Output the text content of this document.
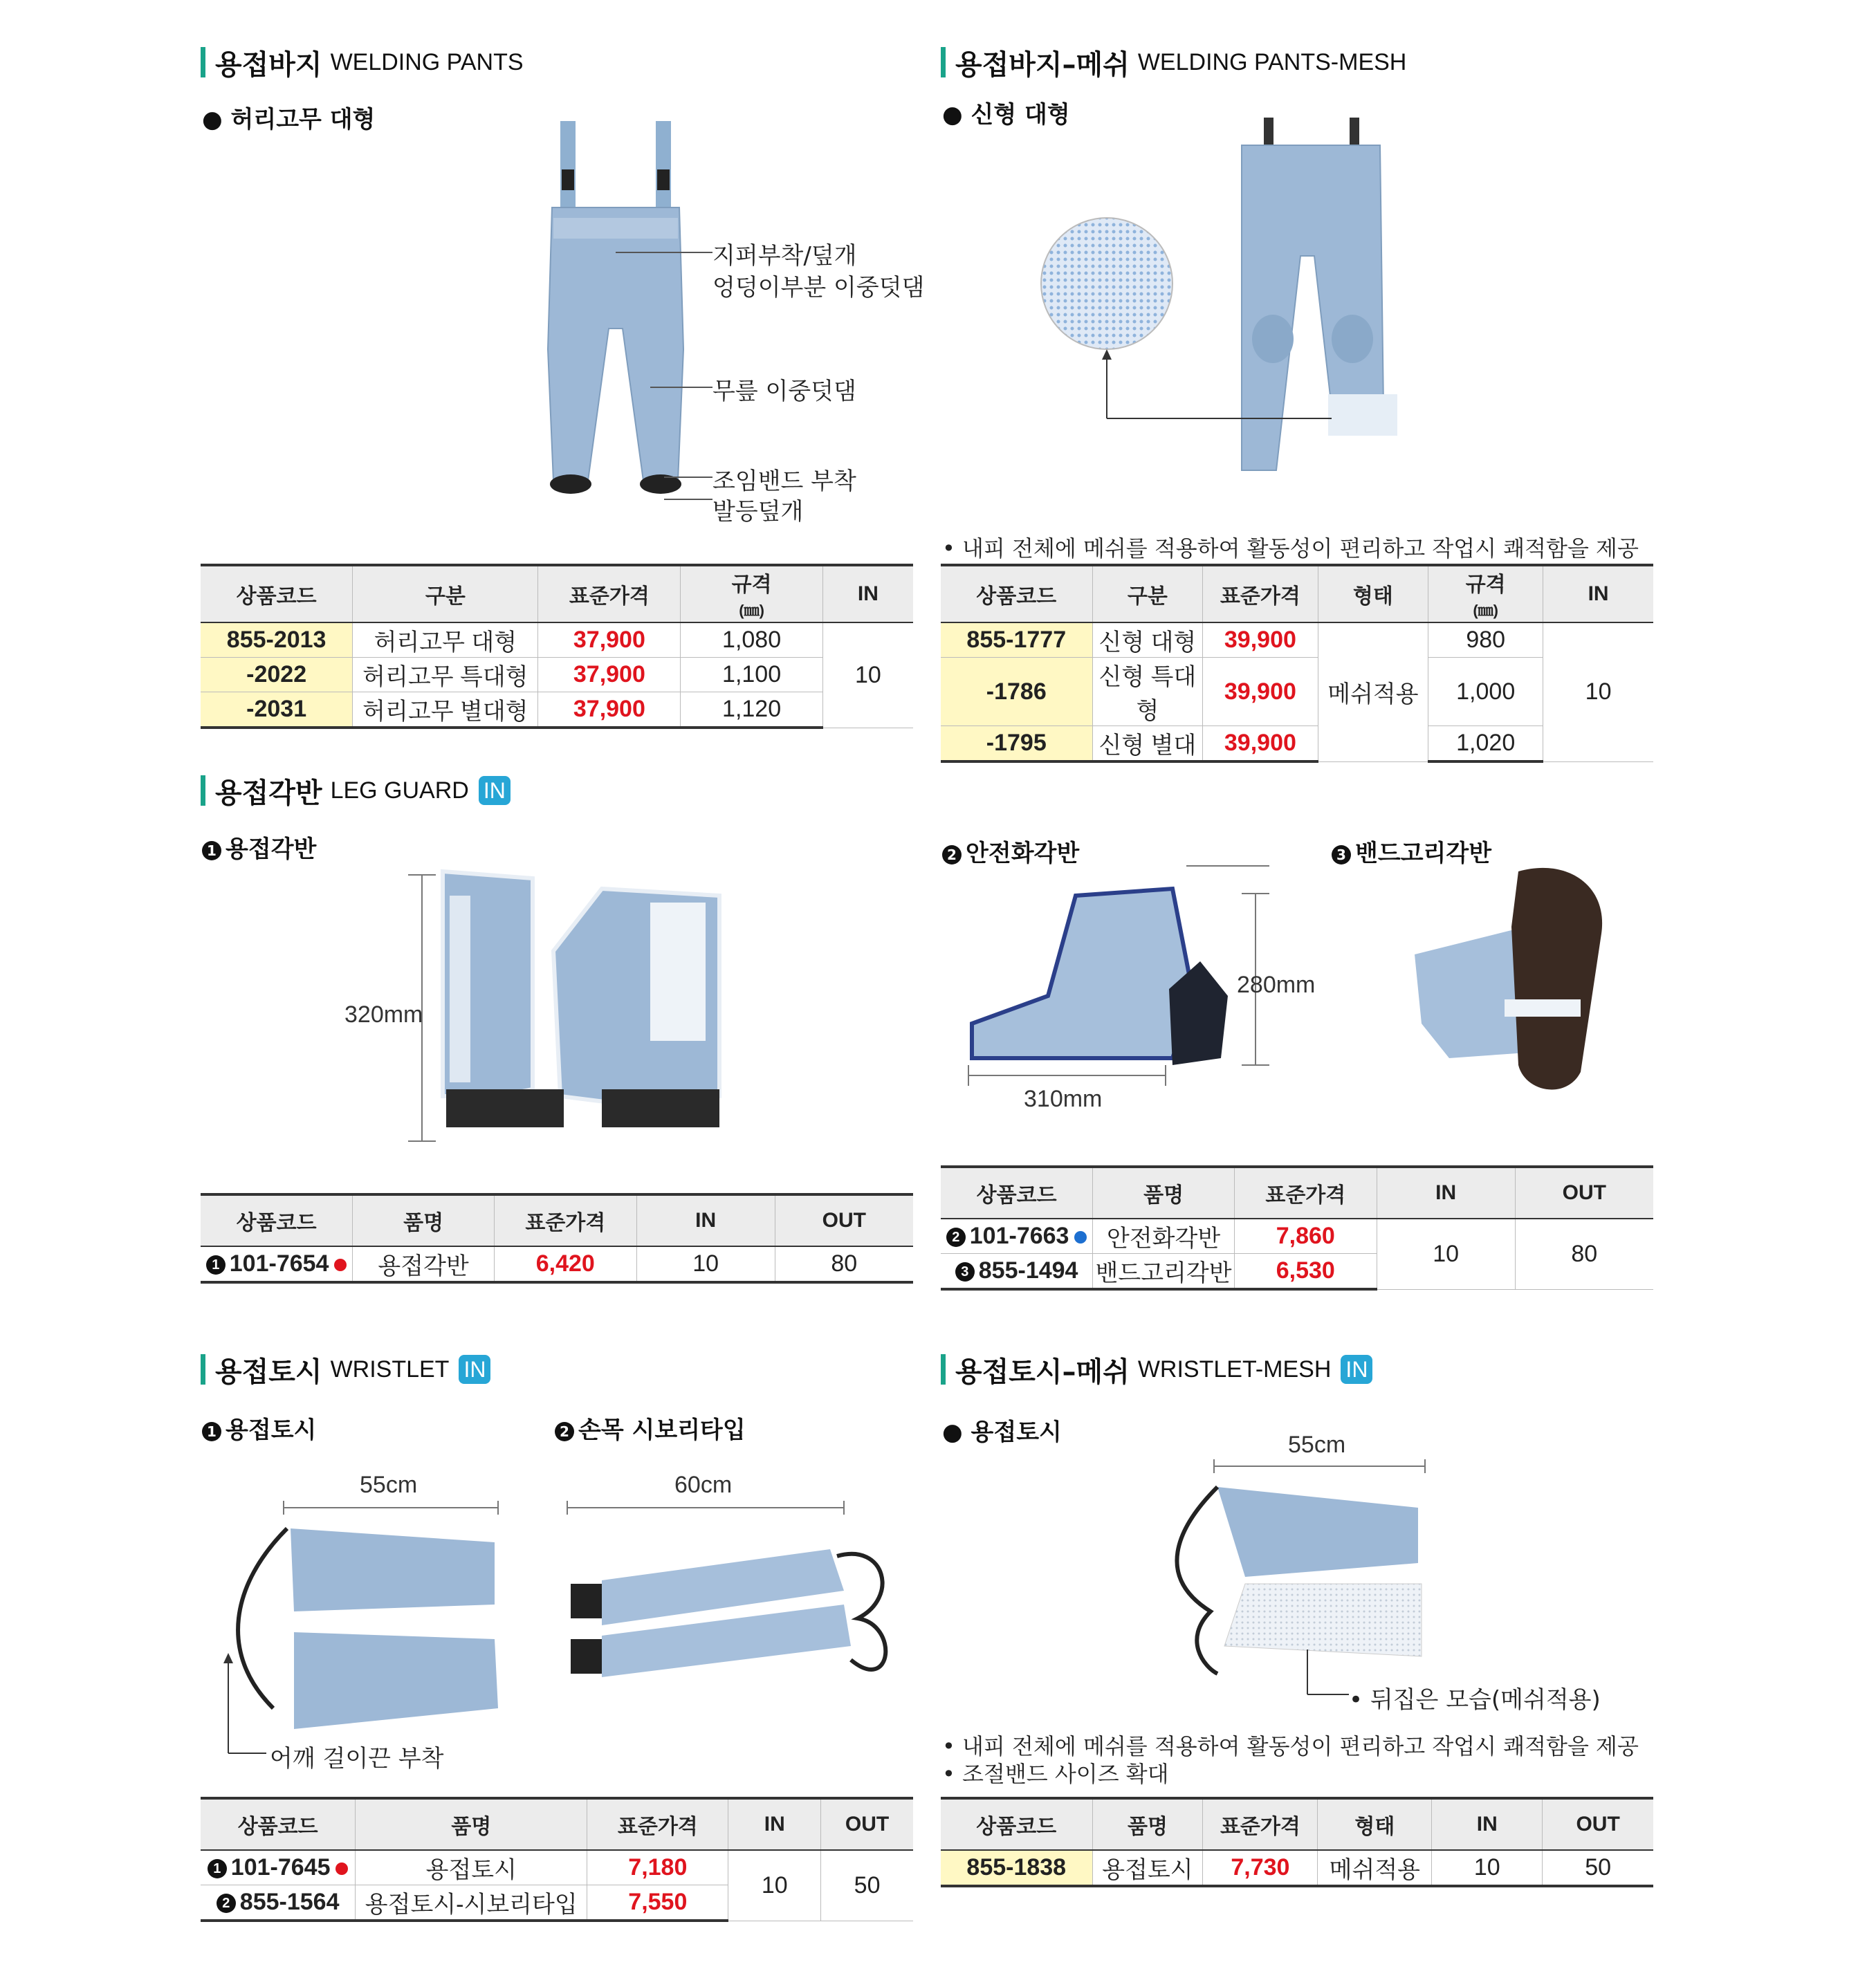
용접바지 WELDING PANTS
● 허리고무 대형
지퍼부착/덮개
엉덩이부분 이중덧댐
무릎 이중덧댐
조임밴드 부착
발등덮개
상품코드	구분	표준가격	규격
(㎜)	IN
855-2013	허리고무 대형	37,900	1,080	10
-2022	허리고무 특대형	37,900	1,100	
-2031	허리고무 별대형	37,900	1,120	
용접바지–메쉬 WELDING PANTS-MESH
● 신형 대형
• 내피 전체에 메쉬를 적용하여 활동성이 편리하고 작업시 쾌적함을 제공
상품코드	구분	표준가격	형태	규격
(㎜)	IN
855-1777	신형 대형	39,900	메쉬적용	980	10
-1786	신형 특대형	39,900		1,000	
-1795	신형 별대	39,900		1,020	
용접각반 LEG GUARD IN
1 용접각반	2 안전화각반	3 밴드고리각반
320mm
280mm
310mm
상품코드	품명	표준가격	IN	OUT
1 101-7654	용접각반	6,420	10	80
상품코드	품명	표준가격	IN	OUT
2 101-7663	안전화각반	7,860	10	80
3 855-1494	밴드고리각반	6,530		
용접토시 WRISTLET IN
1 용접토시	2 손목 시보리타입
55cm	60cm
어깨 걸이끈 부착
상품코드	품명	표준가격	IN	OUT
1 101-7645	용접토시	7,180	10	50
2 855-1564	용접토시-시보리타입	7,550		
용접토시–메쉬 WRISTLET-MESH IN
● 용접토시	55cm
• 뒤집은 모습(메쉬적용)
• 내피 전체에 메쉬를 적용하여 활동성이 편리하고 작업시 쾌적함을 제공
• 조절밴드 사이즈 확대
상품코드	품명	표준가격	형태	IN	OUT
855-1838	용접토시	7,730	메쉬적용	10	50
